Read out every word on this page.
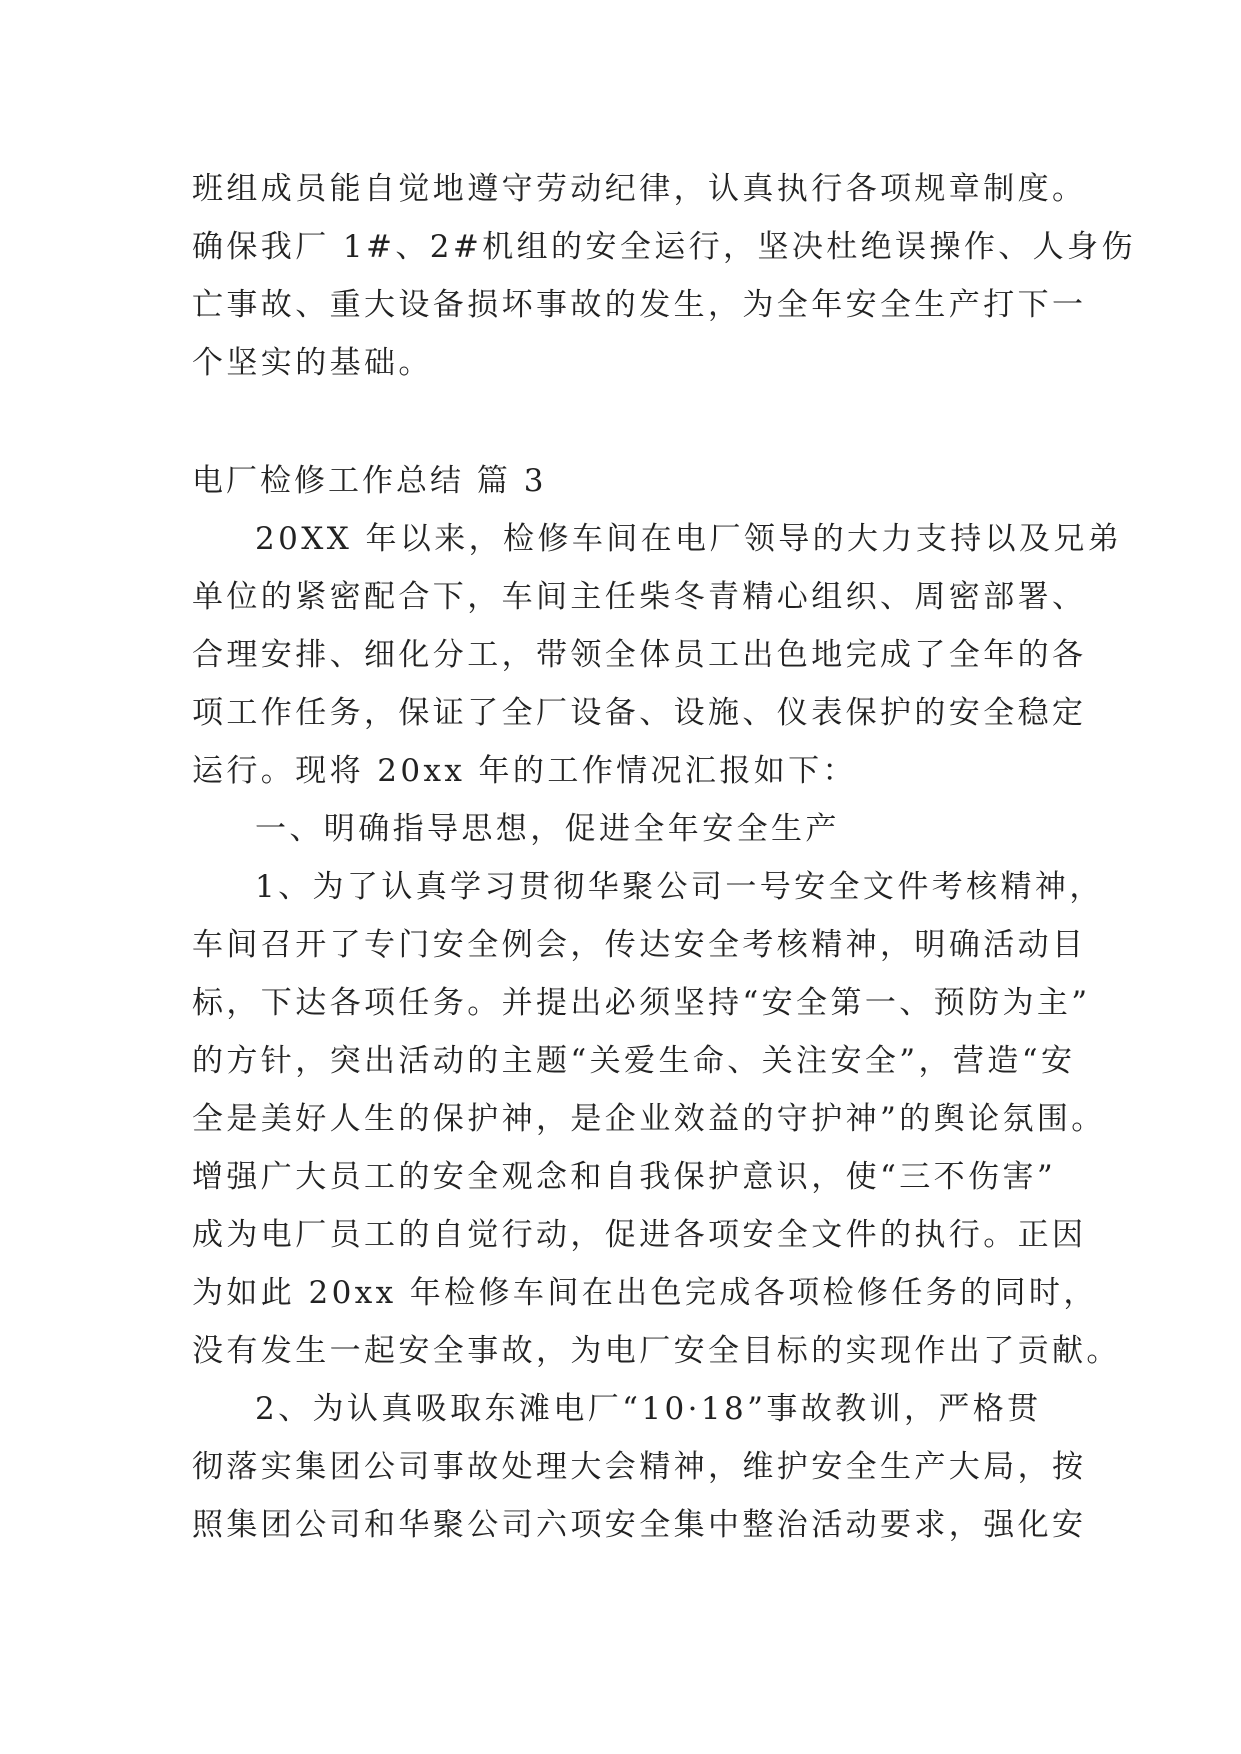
班组成员能自觉地遵守劳动纪律，认真执行各项规章制度。
确保我厂 1#、2#机组的安全运行，坚决杜绝误操作、人身伤
亡事故、重大设备损坏事故的发生，为全年安全生产打下一
个坚实的基础。
电厂检修工作总结 篇 3
20XX 年以来，检修车间在电厂领导的大力支持以及兄弟
单位的紧密配合下，车间主任柴冬青精心组织、周密部署、
合理安排、细化分工，带领全体员工出色地完成了全年的各
项工作任务，保证了全厂设备、设施、仪表保护的安全稳定
运行。现将 20xx 年的工作情况汇报如下：
一、明确指导思想，促进全年安全生产
1、为了认真学习贯彻华聚公司一号安全文件考核精神，
车间召开了专门安全例会，传达安全考核精神，明确活动目
标，下达各项任务。并提出必须坚持“安全第一、预防为主”
的方针，突出活动的主题“关爱生命、关注安全”，营造“安
全是美好人生的保护神，是企业效益的守护神”的舆论氛围。
增强广大员工的安全观念和自我保护意识，使“三不伤害”
成为电厂员工的自觉行动，促进各项安全文件的执行。正因
为如此 20xx 年检修车间在出色完成各项检修任务的同时，
没有发生一起安全事故，为电厂安全目标的实现作出了贡献。
2、为认真吸取东滩电厂“10·18”事故教训，严格贯
彻落实集团公司事故处理大会精神，维护安全生产大局，按
照集团公司和华聚公司六项安全集中整治活动要求，强化安
